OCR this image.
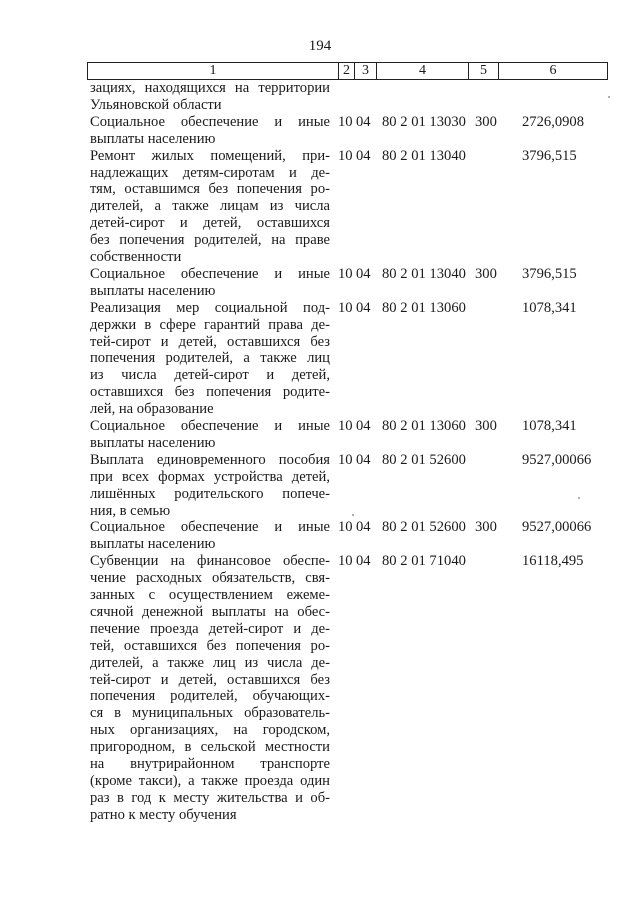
194
1	2 3	4	5	6
зациях, находящихся на территории
Ульяновской области
Социальное обеспечение и иные
выплаты населению
10 04 80 2 01 13030 300 2726,0908
Ремонт жилых помещений, при-
надлежащих детям-сиротам и де-
тям, оставшимся без попечения ро-
дителей, а также лицам из числа
детей-сирот и детей, оставшихся
без попечения родителей, на праве
собственности
10 04 80 2 01 13040	3796,515
Социальное обеспечение и иные
выплаты населению
10 04 80 2 01 13040 300 3796,515
Реализация мер социальной под-
держки в сфере гарантий права де-
тей-сирот и детей, оставшихся без
попечения родителей, а также лиц
из числа детей-сирот и детей,
оставшихся без попечения родите-
лей, на образование
10 04 80 2 01 13060	1078,341
Социальное обеспечение и иные
выплаты населению
10 04 80 2 01 13060 300 1078,341
Выплата единовременного пособия
при всех формах устройства детей,
лишённых родительского попече-
ния, в семью
10 04 80 2 01 52600	9527,00066
Социальное обеспечение и иные
выплаты населению
10 04 80 2 01 52600 300 9527,00066
Субвенции на финансовое обеспе-
чение расходных обязательств, свя-
занных с осуществлением ежеме-
сячной денежной выплаты на обес-
печение проезда детей-сирот и де-
тей, оставшихся без попечения ро-
дителей, а также лиц из числа де-
тей-сирот и детей, оставшихся без
попечения родителей, обучающих-
ся в муниципальных образователь-
ных организациях, на городском,
пригородном, в сельской местности
на внутрирайонном транспорте
(кроме такси), а также проезда один
раз в год к месту жительства и об-
ратно к месту обучения
10 04 80 2 01 71040	16118,495
